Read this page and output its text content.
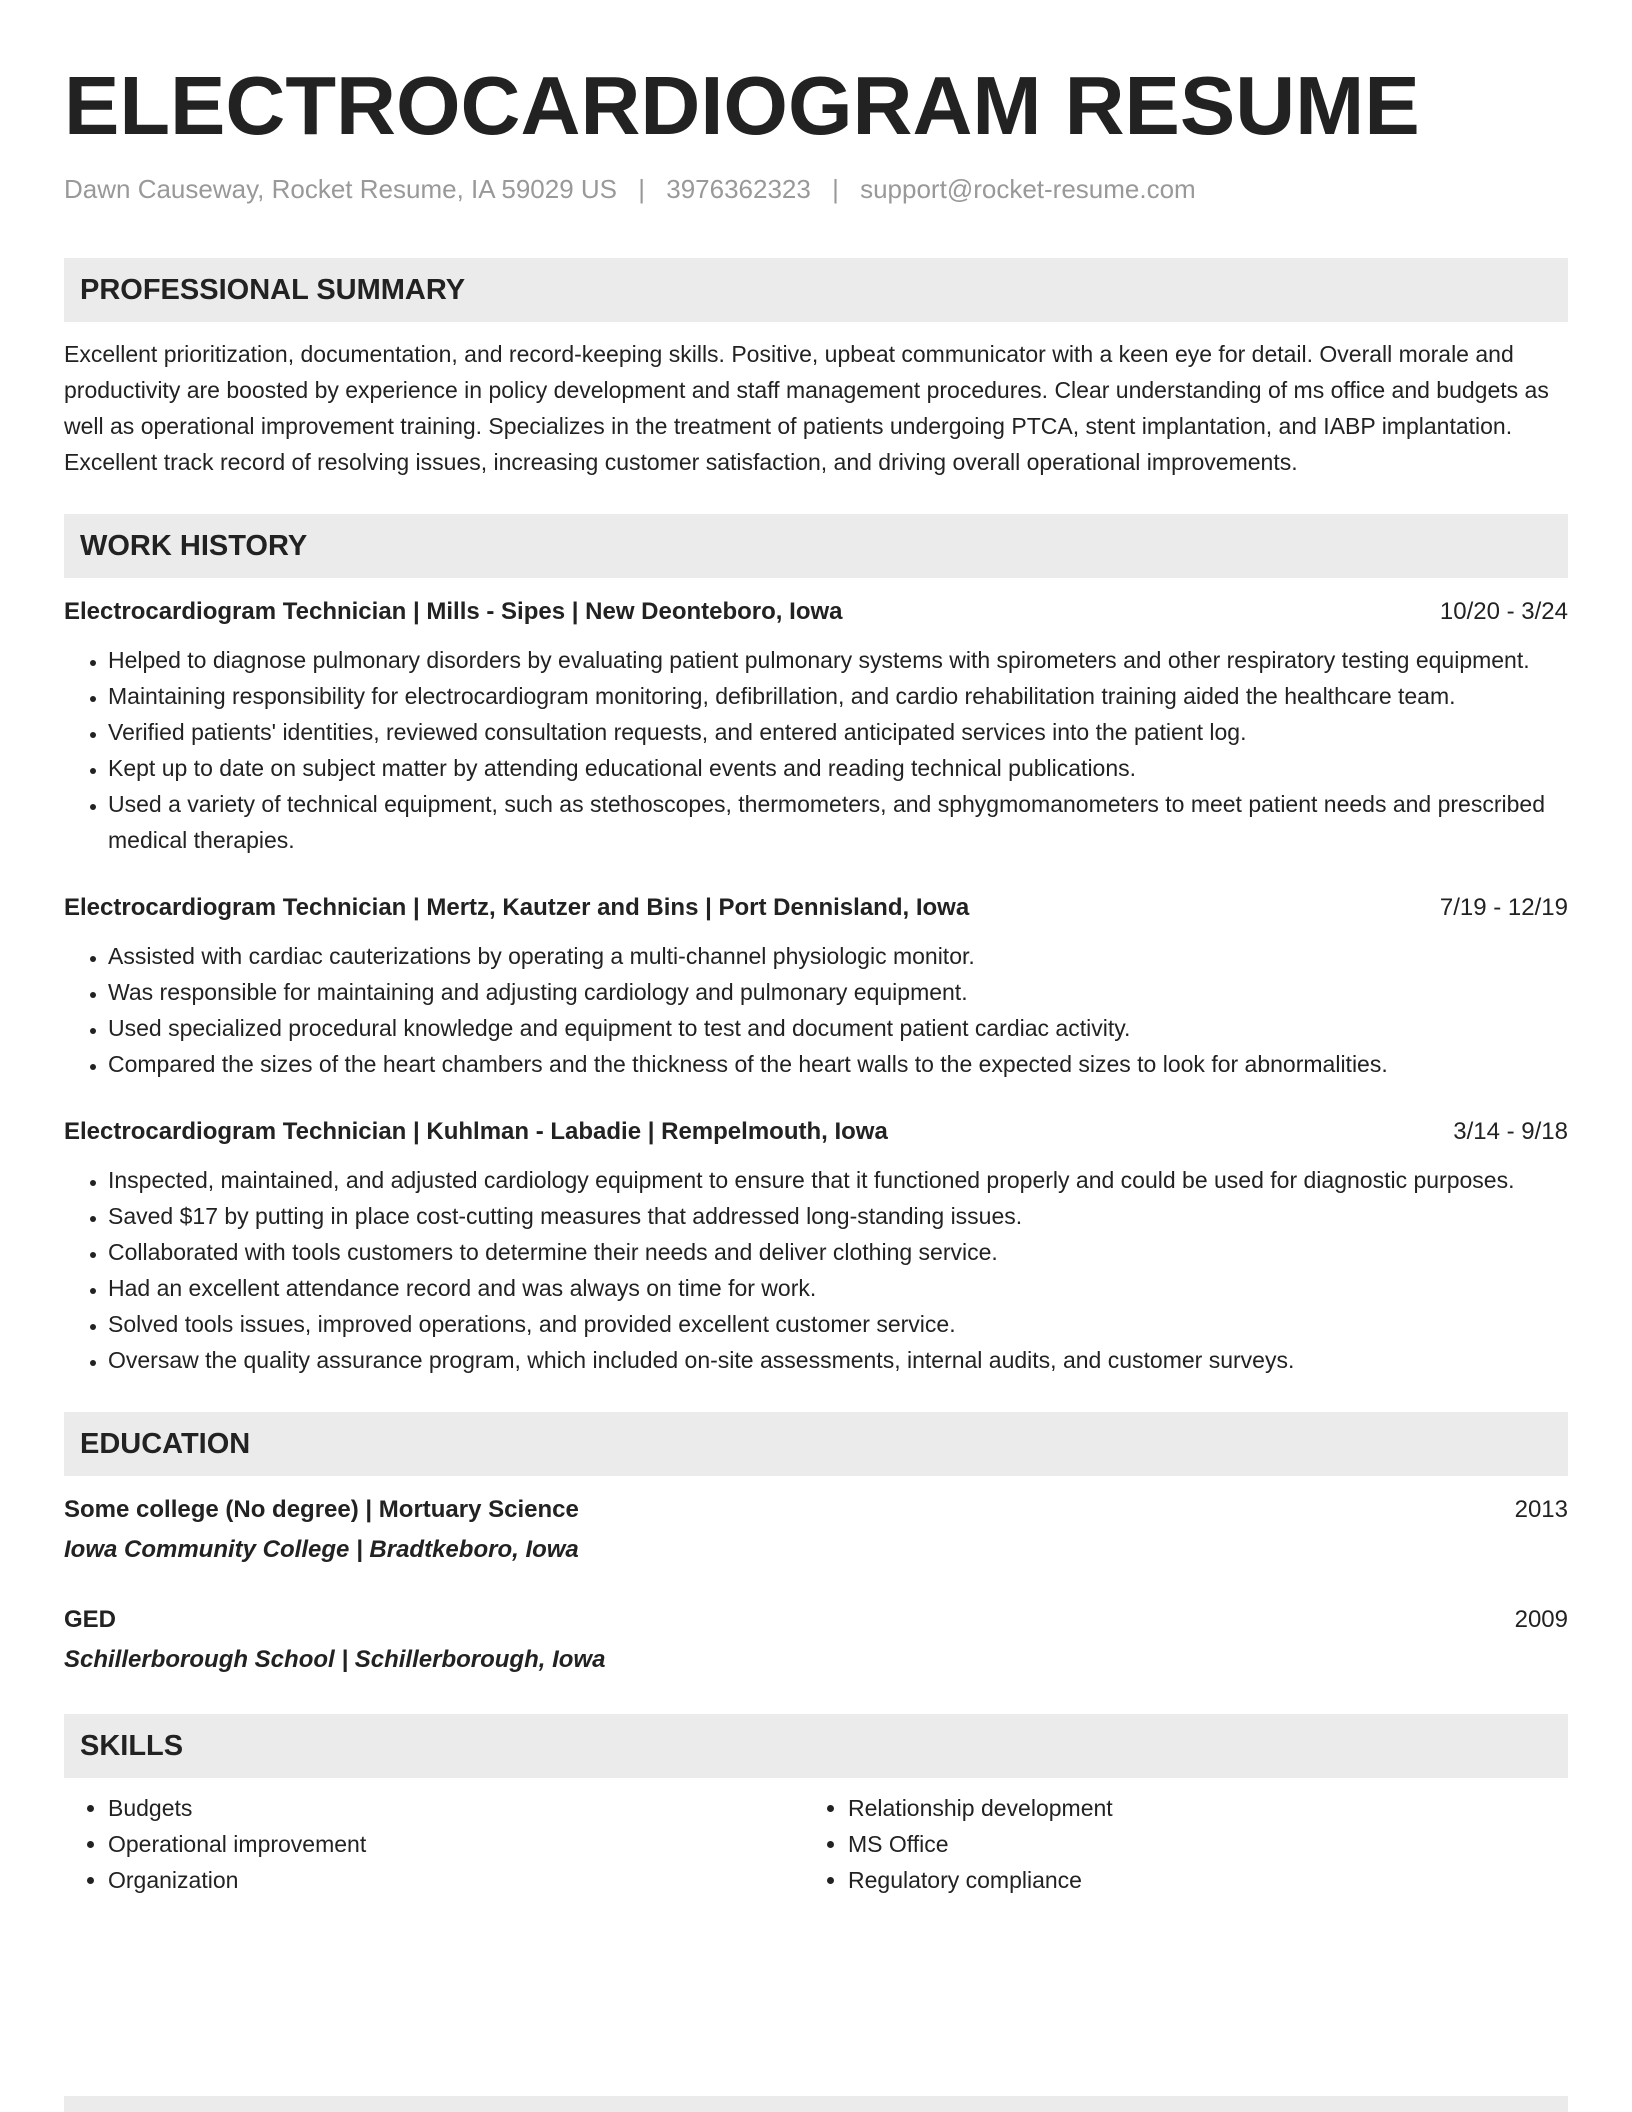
ELECTROCARDIOGRAM RESUME
Dawn Causeway, Rocket Resume, IA 59029 US | 3976362323 | support@rocket-resume.com
PROFESSIONAL SUMMARY

Excellent prioritization, documentation, and record-keeping skills. Positive, upbeat communicator with a keen eye for detail. Overall morale and productivity are boosted by experience in policy development and staff management procedures. Clear understanding of ms office and budgets as well as operational improvement training. Specializes in the treatment of patients undergoing PTCA, stent implantation, and IABP implantation. Excellent track record of resolving issues, increasing customer satisfaction, and driving overall operational improvements.

WORK HISTORY
Electrocardiogram Technician | Mills - Sipes | New Deonteboro, Iowa	10/20 - 3/24
• Helped to diagnose pulmonary disorders by evaluating patient pulmonary systems with spirometers and other respiratory testing equipment.
• Maintaining responsibility for electrocardiogram monitoring, defibrillation, and cardio rehabilitation training aided the healthcare team.
• Verified patients' identities, reviewed consultation requests, and entered anticipated services into the patient log.
• Kept up to date on subject matter by attending educational events and reading technical publications.
• Used a variety of technical equipment, such as stethoscopes, thermometers, and sphygmomanometers to meet patient needs and prescribed medical therapies.
Electrocardiogram Technician | Mertz, Kautzer and Bins | Port Dennisland, Iowa	7/19 - 12/19
• Assisted with cardiac cauterizations by operating a multi-channel physiologic monitor.
• Was responsible for maintaining and adjusting cardiology and pulmonary equipment.
• Used specialized procedural knowledge and equipment to test and document patient cardiac activity.
• Compared the sizes of the heart chambers and the thickness of the heart walls to the expected sizes to look for abnormalities.
Electrocardiogram Technician | Kuhlman - Labadie | Rempelmouth, Iowa	3/14 - 9/18
• Inspected, maintained, and adjusted cardiology equipment to ensure that it functioned properly and could be used for diagnostic purposes.
• Saved $17 by putting in place cost-cutting measures that addressed long-standing issues.
• Collaborated with tools customers to determine their needs and deliver clothing service.
• Had an excellent attendance record and was always on time for work.
• Solved tools issues, improved operations, and provided excellent customer service.
• Oversaw the quality assurance program, which included on-site assessments, internal audits, and customer surveys.
EDUCATION
Some college (No degree) | Mortuary Science	2013
Iowa Community College | Bradtkeboro, Iowa
GED	2009
Schillerborough School | Schillerborough, Iowa
SKILLS
• Budgets
• Operational improvement
• Organization
• Relationship development
• MS Office
• Regulatory compliance
